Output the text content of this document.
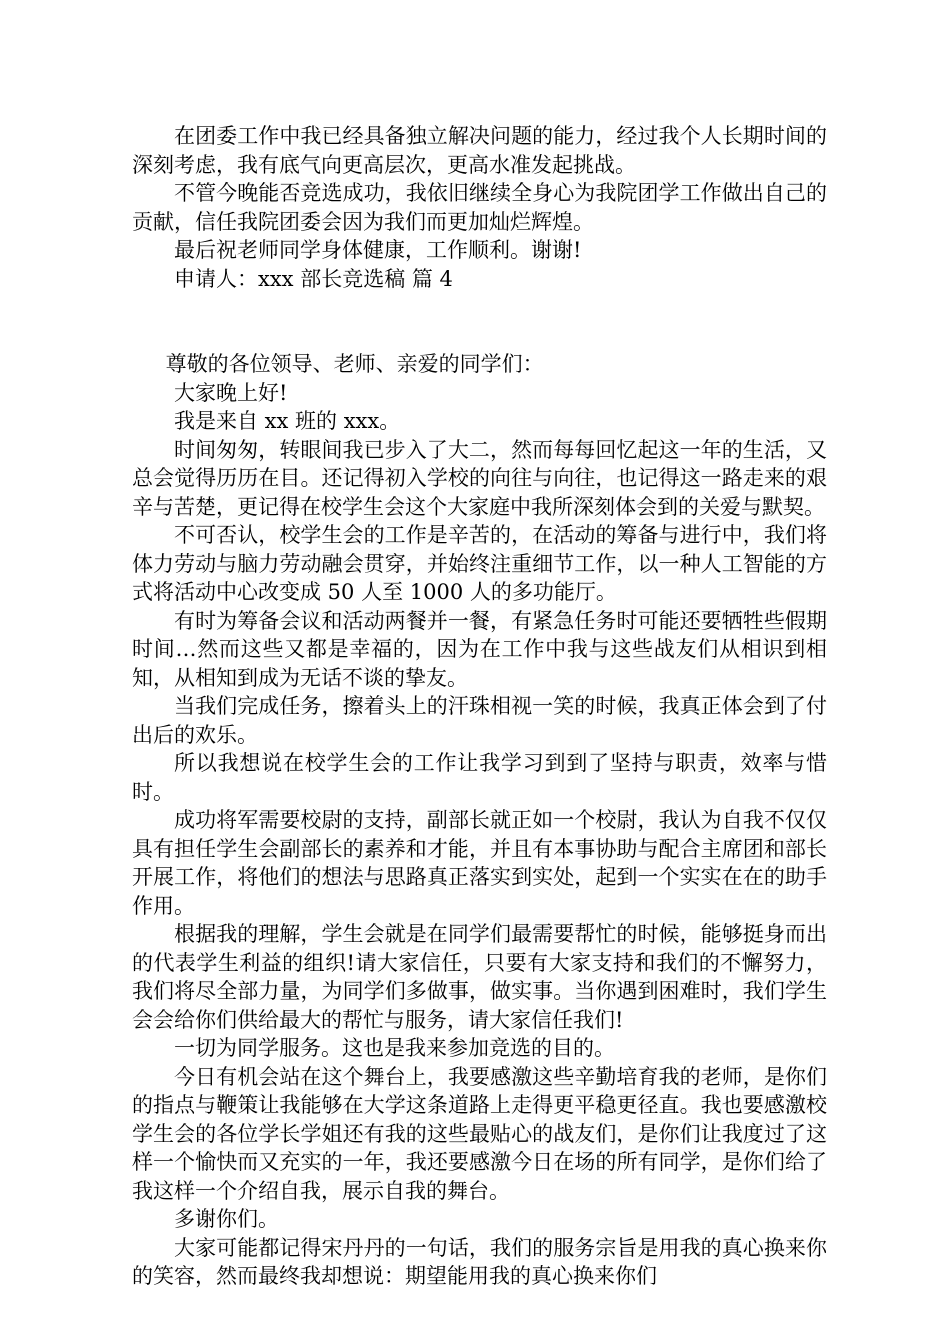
在团委工作中我已经具备独立解决问题的能力，经过我个人长期时间的深刻考虑，我有底气向更高层次，更高水准发起挑战。

不管今晚能否竞选成功，我依旧继续全身心为我院团学工作做出自己的贡献，信任我院团委会因为我们而更加灿烂辉煌。

最后祝老师同学身体健康，工作顺利。谢谢!

申请人：xxx 部长竞选稿 篇 4

尊敬的各位领导、老师、亲爱的同学们：

大家晚上好!

我是来自 xx 班的 xxx。

时间匆匆，转眼间我已步入了大二，然而每每回忆起这一年的生活，又总会觉得历历在目。还记得初入学校的向往与向往，也记得这一路走来的艰辛与苦楚，更记得在校学生会这个大家庭中我所深刻体会到的关爱与默契。

不可否认，校学生会的工作是辛苦的，在活动的筹备与进行中，我们将体力劳动与脑力劳动融会贯穿，并始终注重细节工作，以一种人工智能的方式将活动中心改变成 50 人至 1000 人的多功能厅。

有时为筹备会议和活动两餐并一餐，有紧急任务时可能还要牺牲些假期时间…然而这些又都是幸福的，因为在工作中我与这些战友们从相识到相知，从相知到成为无话不谈的挚友。

当我们完成任务，擦着头上的汗珠相视一笑的时候，我真正体会到了付出后的欢乐。

所以我想说在校学生会的工作让我学习到到了坚持与职责，效率与惜时。

成功将军需要校尉的支持，副部长就正如一个校尉，我认为自我不仅仅具有担任学生会副部长的素养和才能，并且有本事协助与配合主席团和部长开展工作，将他们的想法与思路真正落实到实处，起到一个实实在在的助手作用。

根据我的理解，学生会就是在同学们最需要帮忙的时候，能够挺身而出的代表学生利益的组织!请大家信任，只要有大家支持和我们的不懈努力，我们将尽全部力量，为同学们多做事，做实事。当你遇到困难时，我们学生会会给你们供给最大的帮忙与服务，请大家信任我们!

一切为同学服务。这也是我来参加竞选的目的。

今日有机会站在这个舞台上，我要感激这些辛勤培育我的老师，是你们的指点与鞭策让我能够在大学这条道路上走得更平稳更径直。我也要感激校学生会的各位学长学姐还有我的这些最贴心的战友们，是你们让我度过了这样一个愉快而又充实的一年，我还要感激今日在场的所有同学，是你们给了我这样一个介绍自我，展示自我的舞台。

多谢你们。

大家可能都记得宋丹丹的一句话，我们的服务宗旨是用我的真心换来你的笑容，然而最终我却想说：期望能用我的真心换来你们
